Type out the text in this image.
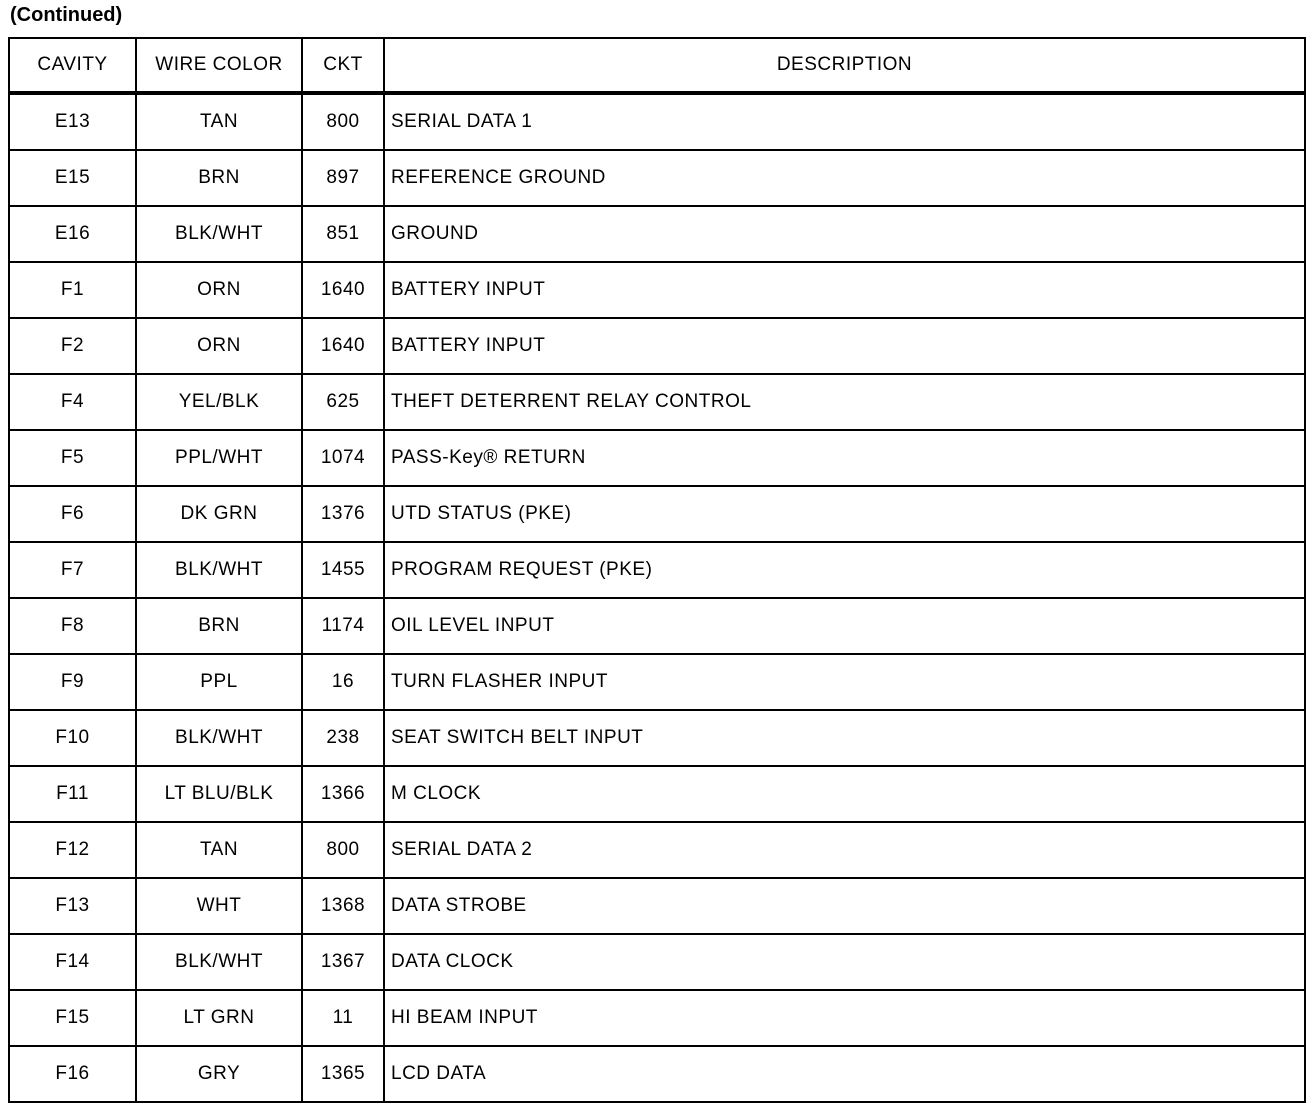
(Continued)
CAVITY	WIRE COLOR	CKT	DESCRIPTION
E13	TAN	800	SERIAL DATA 1
E15	BRN	897	REFERENCE GROUND
E16	BLK/WHT	851	GROUND
F1	ORN	1640	BATTERY INPUT
F2	ORN	1640	BATTERY INPUT
F4	YEL/BLK	625	THEFT DETERRENT RELAY CONTROL
F5	PPL/WHT	1074	PASS-Key® RETURN
F6	DK GRN	1376	UTD STATUS (PKE)
F7	BLK/WHT	1455	PROGRAM REQUEST (PKE)
F8	BRN	1174	OIL LEVEL INPUT
F9	PPL	16	TURN FLASHER INPUT
F10	BLK/WHT	238	SEAT SWITCH BELT INPUT
F11	LT BLU/BLK	1366	M CLOCK
F12	TAN	800	SERIAL DATA 2
F13	WHT	1368	DATA STROBE
F14	BLK/WHT	1367	DATA CLOCK
F15	LT GRN	11	HI BEAM INPUT
F16	GRY	1365	LCD DATA
